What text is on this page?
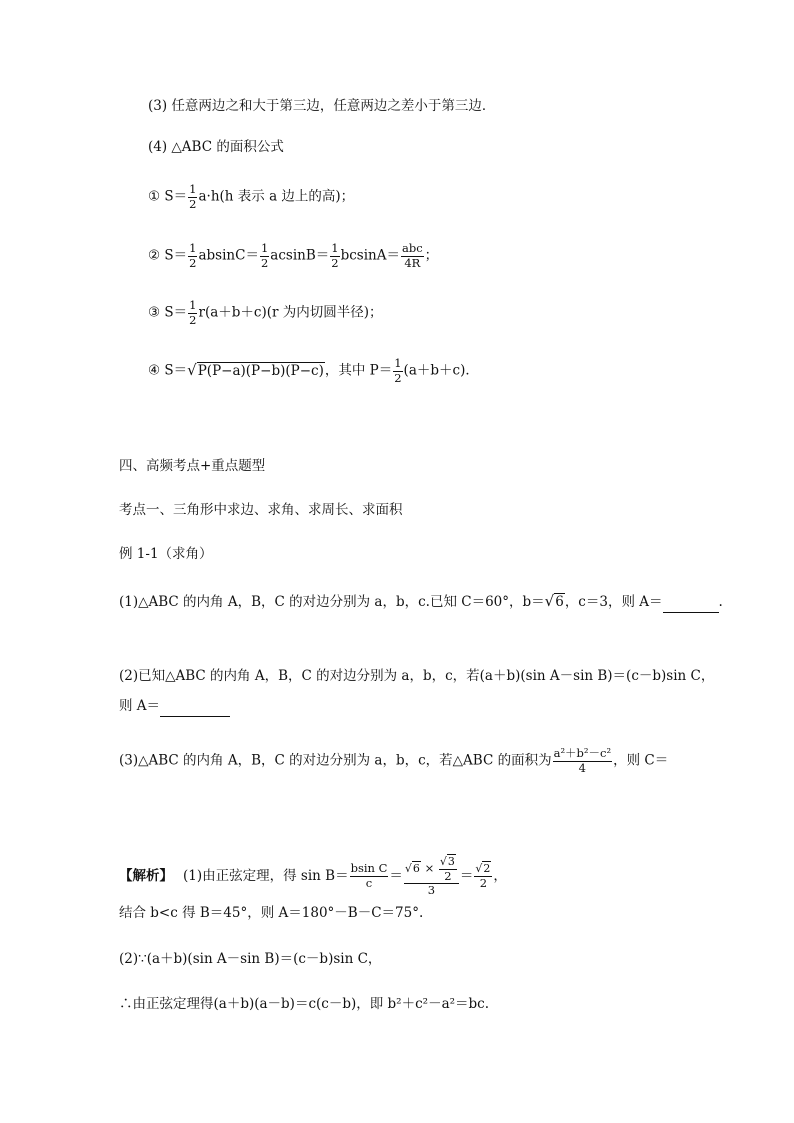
(3) 任意两边之和大于第三边，任意两边之差小于第三边．
(4) △ABC 的面积公式
① $S= \frac{1}{2} a\cdot h(h$ 表示 a 边上的高)；
② $S= \frac{1}{2} absinC= \frac{1}{2} acsinB= \frac{1}{2} bcsinA=$ abc
4R ；
③ $S= \frac{1}{2} r(a+b+c)(r$ 为内切圆半径)；
④ S＝√P(P−a)(P−b)(P−c)，其中 $P= \frac{1}{2} (a+b+c)$．
四、高频考点+重点题型
考点一、三角形中求边、求角、求周长、求面积
例 1-1（求角）
(1)△ABC 的内角 A，B，C 的对边分别为 a，b，c.已知 C＝60°，b＝√6，c＝3，则 A＝	.
(2)已知△ABC 的内角 A，B，C 的对边分别为 a，b，c，若(a＋b)(sin A－sin B)＝(c－b)sin C，
则 A＝
(3)△ABC 的内角 A，B，C 的对边分别为 a，b，c，若△ABC 的面积为 $\frac{\text{a²＋b²－c²}}{4}$ ，则 C＝
【解析】 (1)由正弦定理，得 $\sin B= \frac{\text{bsin C}}{c} = \frac{√6 \times \frac{√3}{2}}{3} = \frac{√2}{2}$ ，
结合 b<c 得 B＝45°，则 A＝180°－B－C＝75°.
(2)∵(a＋b)(sin A－sin B)＝(c－b)sin C，
∴由正弦定理得(a＋b)(a－b)＝c(c－b)，即 b²＋c²－a²＝bc.
